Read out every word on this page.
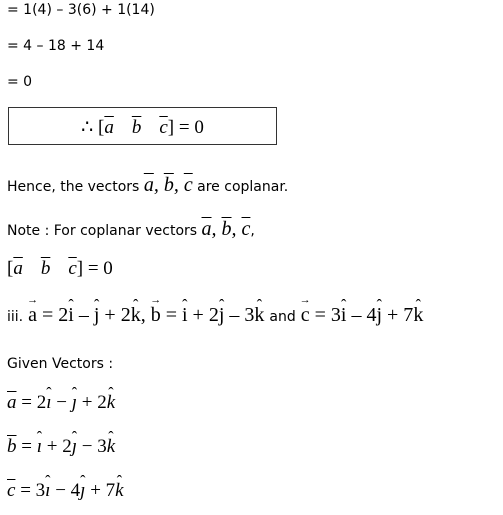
= 1(4) – 3(6) + 1(14)
= 4 – 18 + 14
= 0
∴ [$\overline{a}$ $\overline{b}$ $\overline{c}] = 0$
Hence, the vectors $\overline{a}$, $\overline{b}$, $\overline{c}$ are coplanar.
Note : For coplanar vectors $\overline{a}$, $\overline{b}$, $\overline{c}$,
[$\overline{a}$ $\overline{b}$ $\overline{c}] = 0$
iii. → a = 2ˆ i – ˆ j + 2ˆ k, → b = ˆ i + 2ˆ j – 3ˆ k and → c = 3ˆ i – 4ˆ j + 7ˆ k
Given Vectors :
$\overline{a}$ = 2ˆ ı − ˆ ȷ + 2ˆ k
$\overline{b}$ = ˆ ı + 2ˆ ȷ − 3ˆ k
$\overline{c}$ = 3ˆ ı − 4ˆ ȷ + 7ˆ k
